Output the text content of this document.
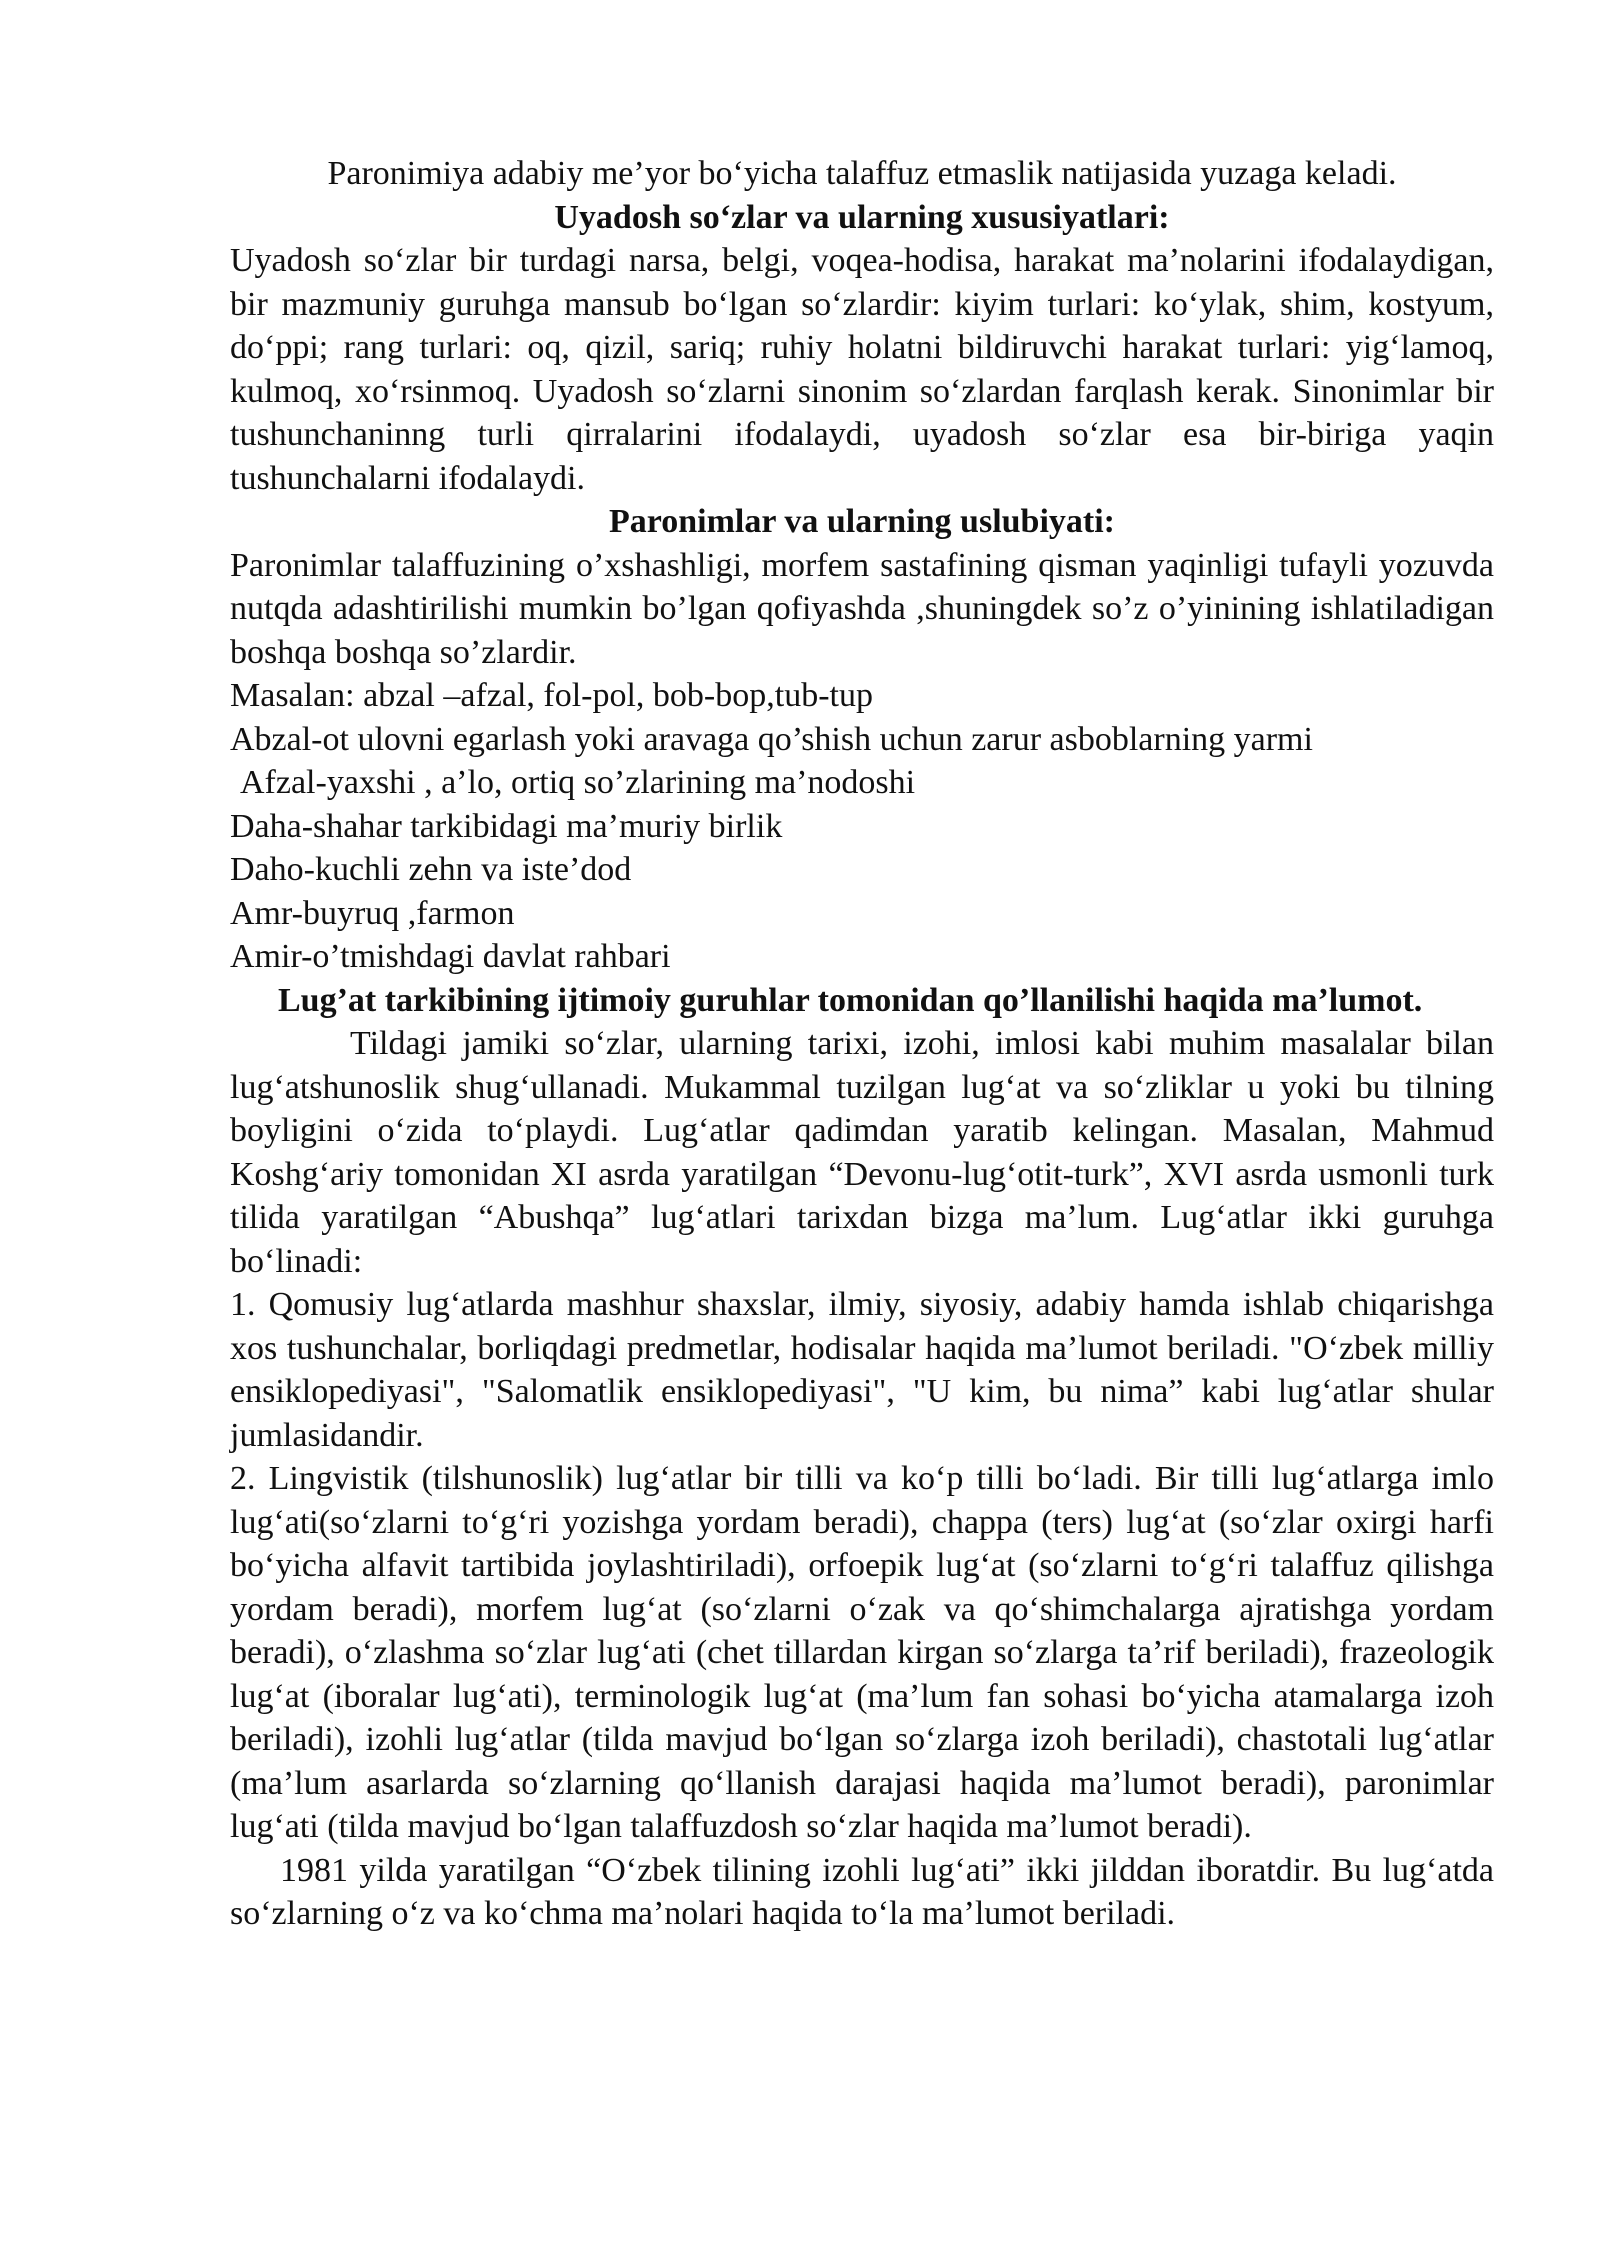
Paronimiya adabiy me’yor bo‘yicha talaffuz etmaslik natijasida yuzaga keladi.

Uyadosh so‘zlar va ularning xususiyatlari:

Uyadosh so‘zlar bir turdagi narsa, belgi, voqea-hodisa, harakat ma’nolarini ifodalaydigan, bir mazmuniy guruhga mansub bo‘lgan so‘zlardir: kiyim turlari: ko‘ylak, shim, kostyum, do‘ppi; rang turlari: oq, qizil, sariq; ruhiy holatni bildiruvchi harakat turlari: yig‘lamoq, kulmoq, xo‘rsinmoq. Uyadosh so‘zlarni sinonim so‘zlardan farqlash kerak. Sinonimlar bir tushunchaninng turli qirralarini ifodalaydi, uyadosh so‘zlar esa bir-biriga yaqin tushunchalarni ifodalaydi.

Paronimlar va ularning uslubiyati:

Paronimlar talaffuzining o’xshashligi, morfem sastafining qisman yaqinligi tufayli yozuvda nutqda adashtirilishi mumkin bo’lgan qofiyashda ,shuningdek so’z o’yinining ishlatiladigan boshqa boshqa so’zlardir.

Masalan: abzal –afzal, fol-pol, bob-bop,tub-tup

Abzal-ot ulovni egarlash yoki aravaga qo’shish uchun zarur asboblarning yarmi

Afzal-yaxshi , a’lo, ortiq so’zlarining ma’nodoshi

Daha-shahar tarkibidagi ma’muriy birlik

Daho-kuchli zehn va iste’dod

Amr-buyruq ,farmon

Amir-o’tmishdagi davlat rahbari

Lug’at tarkibining ijtimoiy guruhlar tomonidan qo’llanilishi haqida ma’lumot.

Tildagi jamiki so‘zlar, ularning tarixi, izohi, imlosi kabi muhim masalalar bilan lug‘atshunoslik shug‘ullanadi. Mukammal tuzilgan lug‘at va so‘zliklar u yoki bu tilning boyligini o‘zida to‘playdi. Lug‘atlar qadimdan yaratib kelingan. Masalan, Mahmud Koshg‘ariy tomonidan XI asrda yaratilgan “Devonu-lug‘otit-turk”, XVI asrda usmonli turk tilida yaratilgan “Abushqa” lug‘atlari tarixdan bizga ma’lum. Lug‘atlar ikki guruhga bo‘linadi:

1. Qomusiy lug‘atlarda mashhur shaxslar, ilmiy, siyosiy, adabiy hamda ishlab chiqarishga xos tushunchalar, borliqdagi predmetlar, hodisalar haqida ma’lumot beriladi. "O‘zbek milliy ensiklopediyasi", "Salomatlik ensiklopediyasi", "U kim, bu nima” kabi lug‘atlar shular jumlasidandir.

2. Lingvistik (tilshunoslik) lug‘atlar bir tilli va ko‘p tilli bo‘ladi. Bir tilli lug‘atlarga imlo lug‘ati(so‘zlarni to‘g‘ri yozishga yordam beradi), chappa (ters) lug‘at (so‘zlar oxirgi harfi bo‘yicha alfavit tartibida joylashtiriladi), orfoepik lug‘at (so‘zlarni to‘g‘ri talaffuz qilishga yordam beradi), morfem lug‘at (so‘zlarni o‘zak va qo‘shimchalarga ajratishga yordam beradi), o‘zlashma so‘zlar lug‘ati (chet tillardan kirgan so‘zlarga ta’rif beriladi), frazeologik lug‘at (iboralar lug‘ati), terminologik lug‘at (ma’lum fan sohasi bo‘yicha atamalarga izoh beriladi), izohli lug‘atlar (tilda mavjud bo‘lgan so‘zlarga izoh beriladi), chastotali lug‘atlar (ma’lum asarlarda so‘zlarning qo‘llanish darajasi haqida ma’lumot beradi), paronimlar lug‘ati (tilda mavjud bo‘lgan talaffuzdosh so‘zlar haqida ma’lumot beradi).

1981 yilda yaratilgan “O‘zbek tilining izohli lug‘ati” ikki jilddan iboratdir. Bu lug‘atda so‘zlarning o‘z va ko‘chma ma’nolari haqida to‘la ma’lumot beriladi.
